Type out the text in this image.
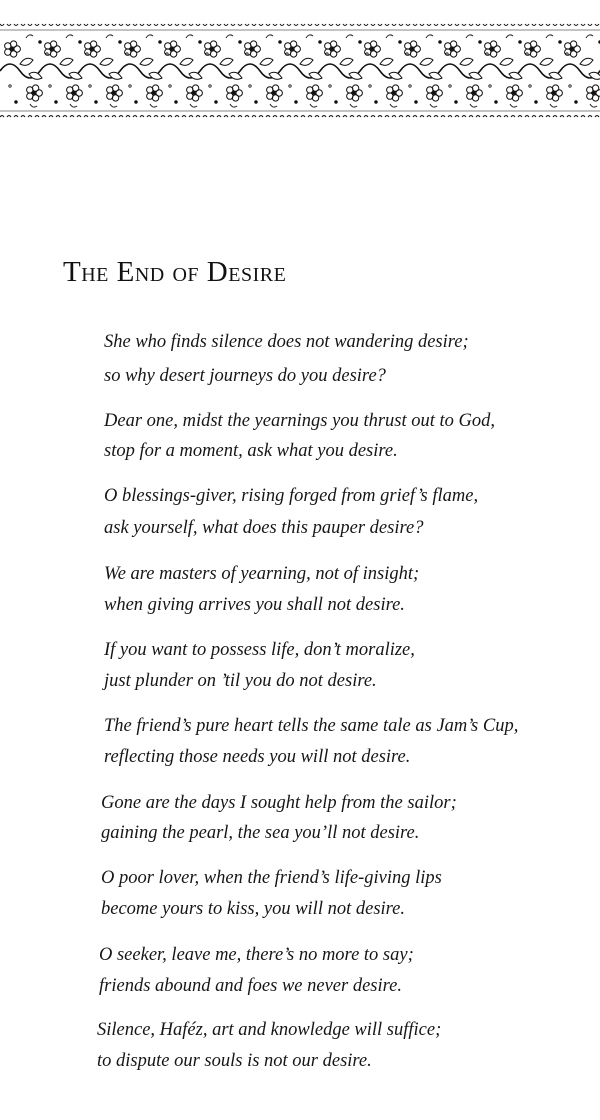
The End of Desire
She who finds silence does not wandering desire;
so why desert journeys do you desire?
Dear one, midst the yearnings you thrust out to God,
stop for a moment, ask what you desire.
O blessings-giver, rising forged from grief’s flame,
ask yourself, what does this pauper desire?
We are masters of yearning, not of insight;
when giving arrives you shall not desire.
If you want to possess life, don’t moralize,
just plunder on ’til you do not desire.
The friend’s pure heart tells the same tale as Jam’s Cup,
reflecting those needs you will not desire.
Gone are the days I sought help from the sailor;
gaining the pearl, the sea you’ll not desire.
O poor lover, when the friend’s life-giving lips
become yours to kiss, you will not desire.
O seeker, leave me, there’s no more to say;
friends abound and foes we never desire.
Silence, Haféz, art and knowledge will suffice;
to dispute our souls is not our desire.
